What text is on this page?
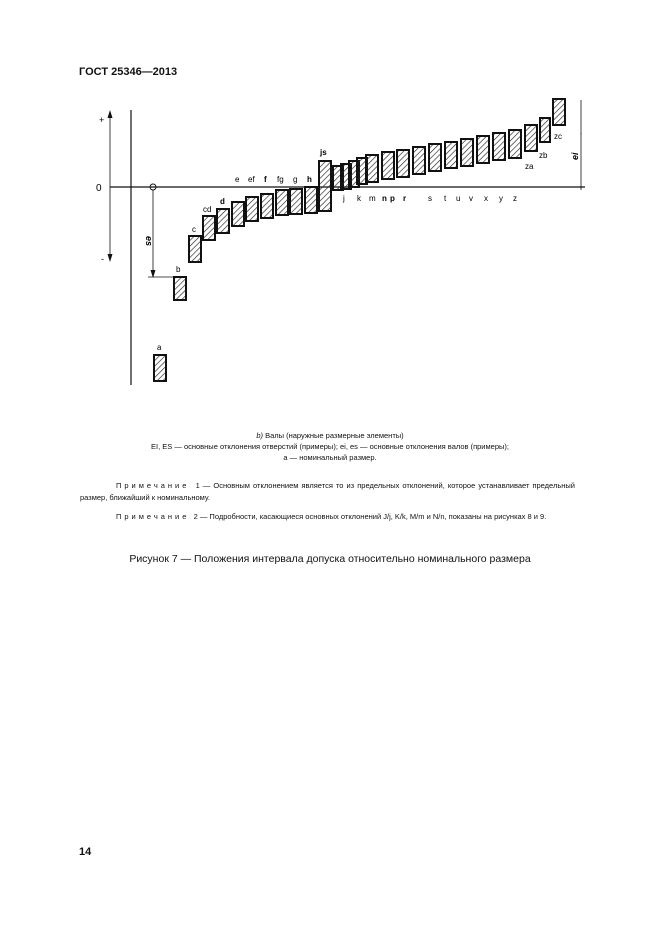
ГОСТ 25346—2013
+
0
-
es
ei
.
a
b
c
cd
d
e ef f fg g h
js
j k m n p r	s t u v x y z
za
zb
zc
b) Валы (наружные размерные элементы)
EI, ES — основные отклонения отверстий (примеры); ei, es — основные отклонения валов (примеры);
a — номинальный размер.
Примечание 1 — Основным отклонением является то из предельных отклонений, которое устанавливает предельный размер, ближайший к номинальному.
Примечание 2 — Подробности, касающиеся основных отклонений J/j, K/k, M/m и N/n, показаны на рисунках 8 и 9.
Рисунок 7 — Положения интервала допуска относительно номинального размера
14
